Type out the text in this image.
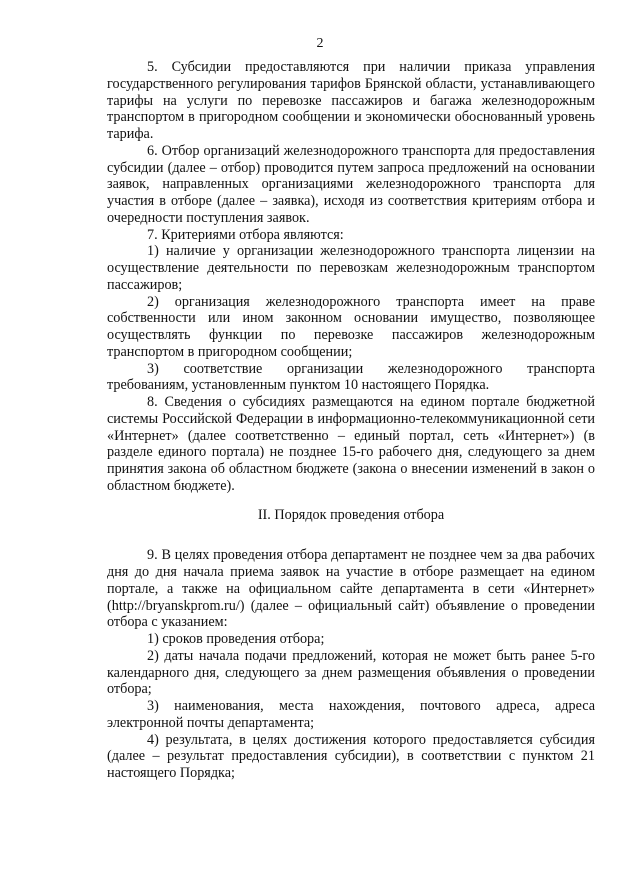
2

5. Субсидии предоставляются при наличии приказа управления государственного регулирования тарифов Брянской области, устанавливающего тарифы на услуги по перевозке пассажиров и багажа железнодорожным транспортом в пригородном сообщении и экономически обоснованный уровень тарифа.

6. Отбор организаций железнодорожного транспорта для предоставления субсидии (далее – отбор) проводится путем запроса предложений на основании заявок, направленных организациями железнодорожного транспорта для участия в отборе (далее – заявка), исходя из соответствия критериям отбора и очередности поступления заявок.

7. Критериями отбора являются:

1) наличие у организации железнодорожного транспорта лицензии на осуществление деятельности по перевозкам железнодорожным транспортом пассажиров;

2) организация железнодорожного транспорта имеет на праве собственности или ином законном основании имущество, позволяющее осуществлять функции по перевозке пассажиров железнодорожным транспортом в пригородном сообщении;

3) соответствие организации железнодорожного транспорта требованиям, установленным пунктом 10 настоящего Порядка.

8. Сведения о субсидиях размещаются на едином портале бюджетной системы Российской Федерации в информационно-телекоммуникационной сети «Интернет» (далее соответственно – единый портал, сеть «Интернет») (в разделе единого портала) не позднее 15-го рабочего дня, следующего за днем принятия закона об областном бюджете (закона о внесении изменений в закон о областном бюджете).

II. Порядок проведения отбора

9. В целях проведения отбора департамент не позднее чем за два рабочих дня до дня начала приема заявок на участие в отборе размещает на едином портале, а также на официальном сайте департамента в сети «Интернет» (http://bryanskprom.ru/) (далее – официальный сайт) объявление о проведении отбора с указанием:

1) сроков проведения отбора;

2) даты начала подачи предложений, которая не может быть ранее 5-го календарного дня, следующего за днем размещения объявления о проведении отбора;

3) наименования, места нахождения, почтового адреса, адреса электронной почты департамента;

4) результата, в целях достижения которого предоставляется субсидия (далее – результат предоставления субсидии), в соответствии с пунктом 21 настоящего Порядка;
